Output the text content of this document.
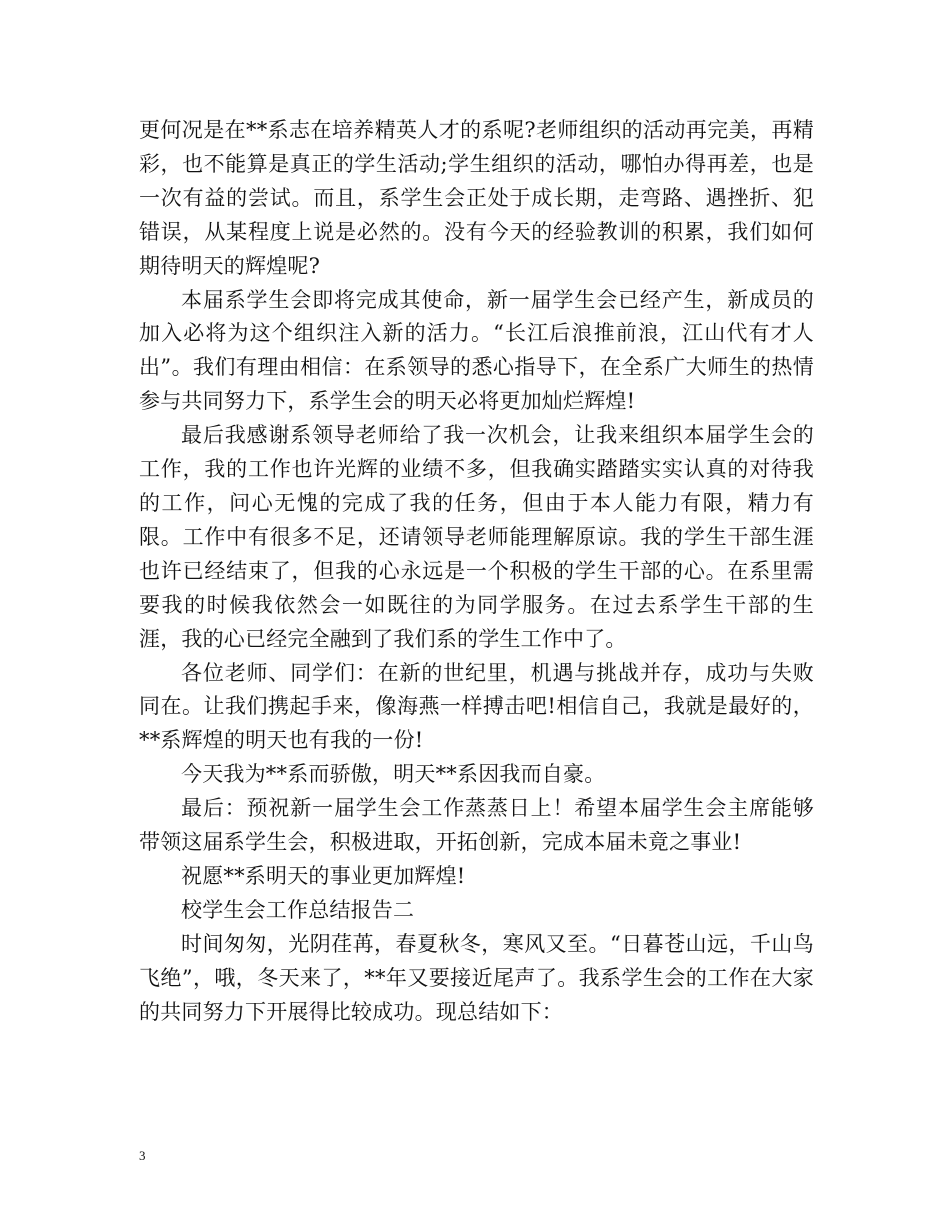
更何况是在**系志在培养精英人才的系呢?老师组织的活动再完美，再精彩，也不能算是真正的学生活动;学生组织的活动，哪怕办得再差，也是一次有益的尝试。而且，系学生会正处于成长期，走弯路、遇挫折、犯错误，从某程度上说是必然的。没有今天的经验教训的积累，我们如何期待明天的辉煌呢?

本届系学生会即将完成其使命，新一届学生会已经产生，新成员的加入必将为这个组织注入新的活力。“长江后浪推前浪，江山代有才人出”。我们有理由相信：在系领导的悉心指导下，在全系广大师生的热情参与共同努力下，系学生会的明天必将更加灿烂辉煌!

最后我感谢系领导老师给了我一次机会，让我来组织本届学生会的工作，我的工作也许光辉的业绩不多，但我确实踏踏实实认真的对待我的工作，问心无愧的完成了我的任务，但由于本人能力有限，精力有限。工作中有很多不足，还请领导老师能理解原谅。我的学生干部生涯也许已经结束了，但我的心永远是一个积极的学生干部的心。在系里需要我的时候我依然会一如既往的为同学服务。在过去系学生干部的生涯，我的心已经完全融到了我们系的学生工作中了。

各位老师、同学们：在新的世纪里，机遇与挑战并存，成功与失败同在。让我们携起手来，像海燕一样搏击吧!相信自己，我就是最好的，**系辉煌的明天也有我的一份!

今天我为**系而骄傲，明天**系因我而自豪。

最后：预祝新一届学生会工作蒸蒸日上！希望本届学生会主席能够带领这届系学生会，积极进取，开拓创新，完成本届未竟之事业!

祝愿**系明天的事业更加辉煌!

校学生会工作总结报告二

时间匆匆，光阴荏苒，春夏秋冬，寒风又至。“日暮苍山远，千山鸟飞绝”，哦，冬天来了，**年又要接近尾声了。我系学生会的工作在大家的共同努力下开展得比较成功。现总结如下：

3
